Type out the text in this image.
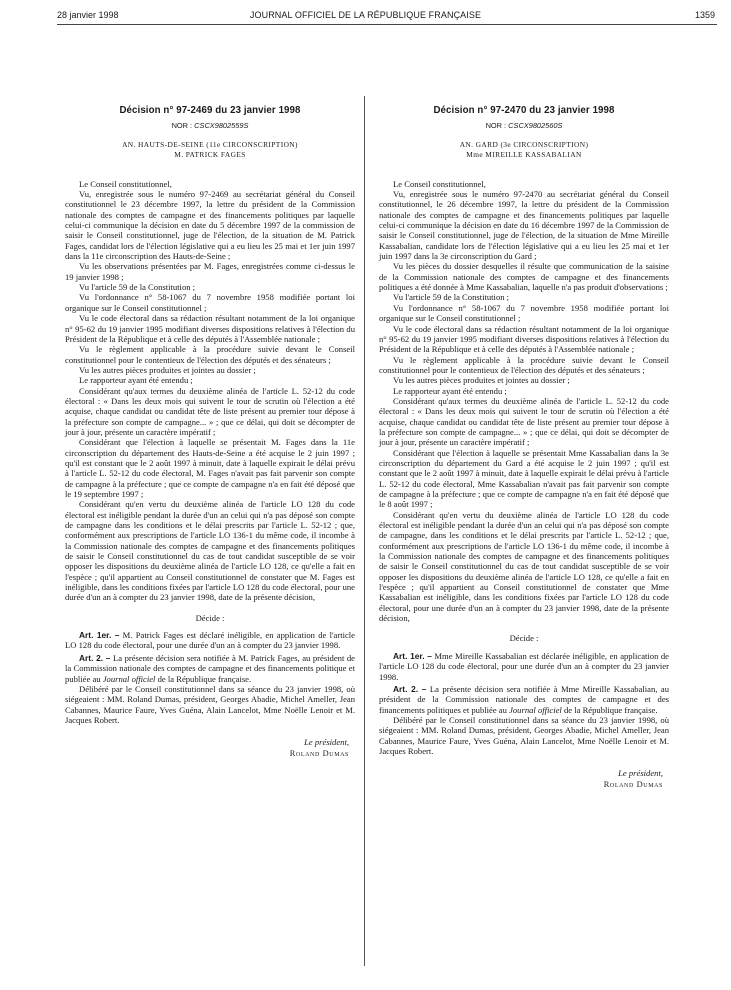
28 janvier 1998	JOURNAL OFFICIEL DE LA RÉPUBLIQUE FRANÇAISE	1359
Décision n° 97-2469 du 23 janvier 1998
NOR : CSCX9802559S
AN. HAUTS-DE-SEINE (11e CIRCONSCRIPTION)
M. PATRICK FAGES

Le Conseil constitutionnel,

Vu, enregistrée sous le numéro 97-2469 au secrétariat général du Conseil constitutionnel le 23 décembre 1997, la lettre du président de la Commission nationale des comptes de campagne et des financements politiques par laquelle celui-ci communique la décision en date du 5 décembre 1997 de la commission de saisir le Conseil constitutionnel, juge de l'élection, de la situation de M. Patrick Fages, candidat lors de l'élection législative qui a eu lieu les 25 mai et 1er juin 1997 dans la 11e circonscription des Hauts-de-Seine ;

Vu les observations présentées par M. Fages, enregistrées comme ci-dessus le 19 janvier 1998 ;

Vu l'article 59 de la Constitution ;

Vu l'ordonnance n° 58-1067 du 7 novembre 1958 modifiée portant loi organique sur le Conseil constitutionnel ;

Vu le code électoral dans sa rédaction résultant notamment de la loi organique n° 95-62 du 19 janvier 1995 modifiant diverses dispositions relatives à l'élection du Président de la République et à celle des députés à l'Assemblée nationale ;

Vu le règlement applicable à la procédure suivie devant le Conseil constitutionnel pour le contentieux de l'élection des députés et des sénateurs ;

Vu les autres pièces produites et jointes au dossier ;

Le rapporteur ayant été entendu ;

Considérant qu'aux termes du deuxième alinéa de l'article L. 52-12 du code électoral : « Dans les deux mois qui suivent le tour de scrutin où l'élection a été acquise, chaque candidat ou candidat tête de liste présent au premier tour dépose à la préfecture son compte de campagne... » ; que ce délai, qui doit se décompter de jour à jour, présente un caractère impératif ;

Considérant que l'élection à laquelle se présentait M. Fages dans la 11e circonscription du département des Hauts-de-Seine a été acquise le 2 juin 1997 ; qu'il est constant que le 2 août 1997 à minuit, date à laquelle expirait le délai prévu à l'article L. 52-12 du code électoral, M. Fages n'avait pas fait parvenir son compte de campagne à la préfecture ; que ce compte de campagne n'a en fait été déposé que le 19 septembre 1997 ;

Considérant qu'en vertu du deuxième alinéa de l'article LO 128 du code électoral est inéligible pendant la durée d'un an celui qui n'a pas déposé son compte de campagne dans les conditions et le délai prescrits par l'article L. 52-12 ; que, conformément aux prescriptions de l'article LO 136-1 du même code, il incombe à la Commission nationale des comptes de campagne et des financements politiques de saisir le Conseil constitutionnel du cas de tout candidat susceptible de se voir opposer les dispositions du deuxième alinéa de l'article LO 128, ce qu'elle a fait en l'espèce ; qu'il appartient au Conseil constitutionnel de constater que M. Fages est inéligible, dans les conditions fixées par l'article LO 128 du code électoral, pour une durée d'un an à compter du 23 janvier 1998, date de la présente décision,

Décide :

Art. 1er. – M. Patrick Fages est déclaré inéligible, en application de l'article LO 128 du code électoral, pour une durée d'un an à compter du 23 janvier 1998.

Art. 2. – La présente décision sera notifiée à M. Patrick Fages, au président de la Commission nationale des comptes de campagne et des financements politique et publiée au Journal officiel de la République française.

Délibéré par le Conseil constitutionnel dans sa séance du 23 janvier 1998, où siégeaient : MM. Roland Dumas, président, Georges Abadie, Michel Ameller, Jean Cabannes, Maurice Faure, Yves Guéna, Alain Lancelot, Mme Noëlle Lenoir et M. Jacques Robert.

Le président,
Roland Dumas
Décision n° 97-2470 du 23 janvier 1998
NOR : CSCX9802560S
AN. GARD (3e CIRCONSCRIPTION)
Mme MIREILLE KASSABALIAN

Le Conseil constitutionnel,

Vu, enregistrée sous le numéro 97-2470 au secrétariat général du Conseil constitutionnel, le 26 décembre 1997, la lettre du président de la Commission nationale des comptes de campagne et des financements politiques par laquelle celui-ci communique la décision en date du 16 décembre 1997 de la Commission de saisir le Conseil constitutionnel, juge de l'élection, de la situation de Mme Mireille Kassabalian, candidate lors de l'élection législative qui a eu lieu les 25 mai et 1er juin 1997 dans la 3e circonscription du Gard ;

Vu les pièces du dossier desquelles il résulte que communication de la saisine de la Commission nationale des comptes de campagne et des financements politiques a été donnée à Mme Kassabalian, laquelle n'a pas produit d'observations ;

Vu l'article 59 de la Constitution ;

Vu l'ordonnance n° 58-1067 du 7 novembre 1958 modifiée portant loi organique sur le Conseil constitutionnel ;

Vu le code électoral dans sa rédaction résultant notamment de la loi organique n° 95-62 du 19 janvier 1995 modifiant diverses dispositions relatives à l'élection du Président de la République et à celle des députés à l'Assemblée nationale ;

Vu le règlement applicable à la procédure suivie devant le Conseil constitutionnel pour le contentieux de l'élection des députés et des sénateurs ;

Vu les autres pièces produites et jointes au dossier ;

Le rapporteur ayant été entendu ;

Considérant qu'aux termes du deuxième alinéa de l'article L. 52-12 du code électoral : « Dans les deux mois qui suivent le tour de scrutin où l'élection a été acquise, chaque candidat ou candidat tête de liste présent au premier tour dépose à la préfecture son compte de campagne... » ; que ce délai, qui doit se décompter de jour à jour, présente un caractère impératif ;

Considérant que l'élection à laquelle se présentait Mme Kassabalian dans la 3e circonscription du département du Gard a été acquise le 2 juin 1997 ; qu'il est constant que le 2 août 1997 à minuit, date à laquelle expirait le délai prévu à l'article L. 52-12 du code électoral, Mme Kassabalian n'avait pas fait parvenir son compte de campagne à la préfecture ; que ce compte de campagne n'a en fait été déposé que le 8 août 1997 ;

Considérant qu'en vertu du deuxième alinéa de l'article LO 128 du code électoral est inéligible pendant la durée d'un an celui qui n'a pas déposé son compte de campagne, dans les conditions et le délai prescrits par l'article L. 52-12 ; que, conformément aux prescriptions de l'article LO 136-1 du même code, il incombe à la Commission nationale des comptes de campagne et des financements politiques de saisir le Conseil constitutionnel du cas de tout candidat susceptible de se voir opposer les dispositions du deuxième alinéa de l'article LO 128, ce qu'elle a fait en l'espèce ; qu'il appartient au Conseil constitutionnel de constater que Mme Kassabalian est inéligible, dans les conditions fixées par l'article LO 128 du code électoral, pour une durée d'un an à compter du 23 janvier 1998, date de la présente décision,

Décide :

Art. 1er. – Mme Mireille Kassabalian est déclarée inéligible, en application de l'article LO 128 du code électoral, pour une durée d'un an à compter du 23 janvier 1998.

Art. 2. – La présente décision sera notifiée à Mme Mireille Kassabalian, au président de la Commission nationale des comptes de campagne et des financements politiques et publiée au Journal officiel de la République française.

Délibéré par le Conseil constitutionnel dans sa séance du 23 janvier 1998, où siégeaient : MM. Roland Dumas, président, Georges Abadie, Michel Ameller, Jean Cabannes, Maurice Faure, Yves Guéna, Alain Lancelot, Mme Noëlle Lenoir et M. Jacques Robert.

Le président,
Roland Dumas
